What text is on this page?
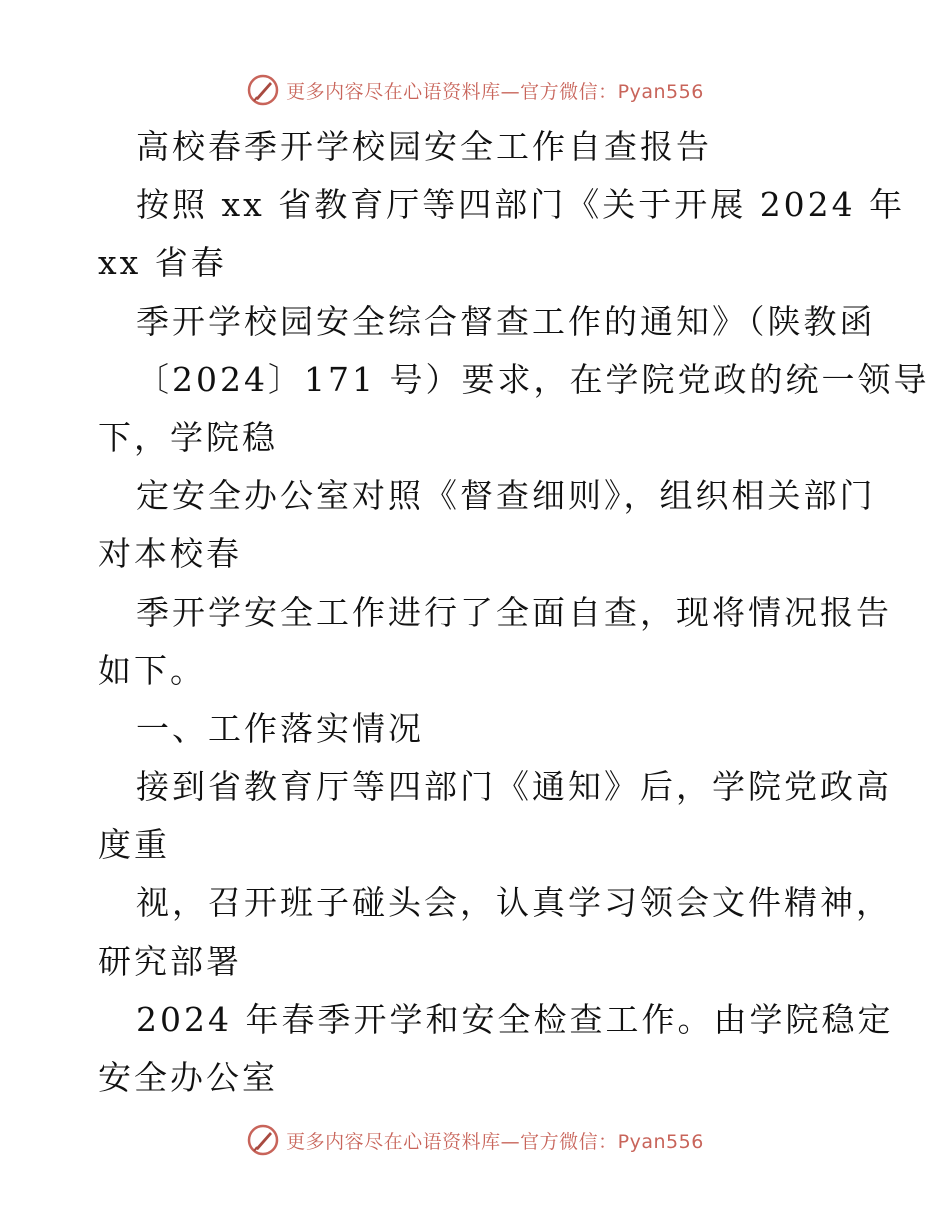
更多内容尽在心语资料库—官方微信：Pyan556
高校春季开学校园安全工作自查报告
按照 xx 省教育厅等四部门《关于开展 2024 年
xx 省春
季开学校园安全综合督查工作的通知》（陕教函
〔2024〕171 号）要求，在学院党政的统一领导
下，学院稳
定安全办公室对照《督查细则》，组织相关部门
对本校春
季开学安全工作进行了全面自查，现将情况报告
如下。
一、工作落实情况
接到省教育厅等四部门《通知》后，学院党政高
度重
视，召开班子碰头会，认真学习领会文件精神，
研究部署
2024 年春季开学和安全检查工作。由学院稳定
安全办公室
更多内容尽在心语资料库—官方微信：Pyan556
